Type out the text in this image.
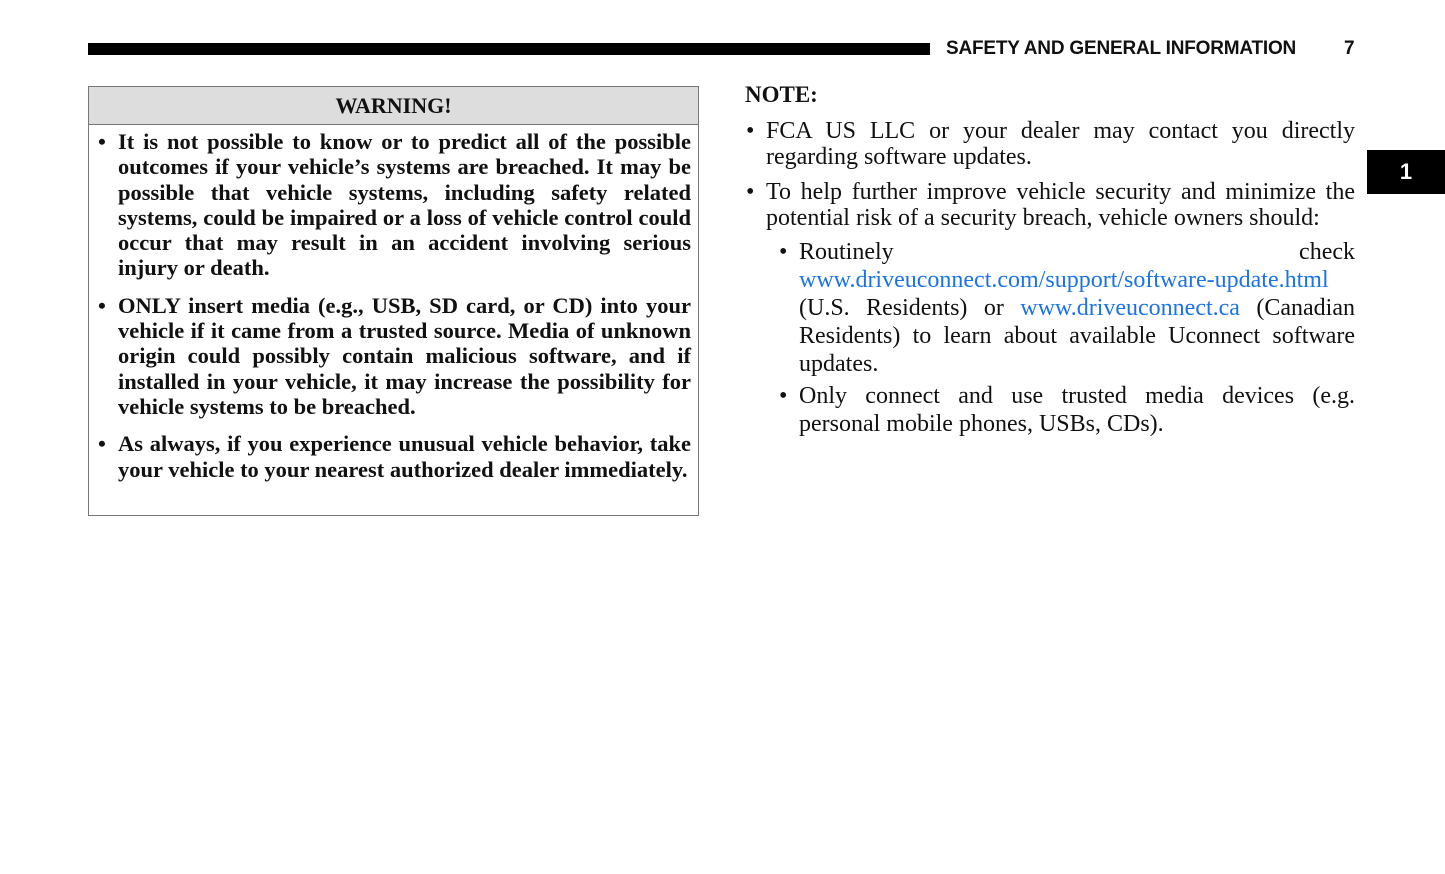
SAFETY AND GENERAL INFORMATION	7
1
WARNING!
• It is not possible to know or to predict all of the possible outcomes if your vehicle’s systems are breached. It may be possible that vehicle systems, including safety related systems, could be impaired or a loss of vehicle control could occur that may result in an accident involving serious injury or death.
• ONLY insert media (e.g., USB, SD card, or CD) into your vehicle if it came from a trusted source. Media of unknown origin could possibly contain malicious software, and if installed in your vehicle, it may increase the possibility for vehicle systems to be breached.
• As always, if you experience unusual vehicle behavior, take your vehicle to your nearest authorized dealer immediately.
NOTE:
• FCA US LLC or your dealer may contact you directly regarding software updates.
• To help further improve vehicle security and minimize the potential risk of a security breach, vehicle owners should:
• Routinely check www.driveuconnect.com/support/software-update.html (U.S. Residents) or www.driveuconnect.ca (Canadian Residents) to learn about available Uconnect software updates.
• Only connect and use trusted media devices (e.g. personal mobile phones, USBs, CDs).
